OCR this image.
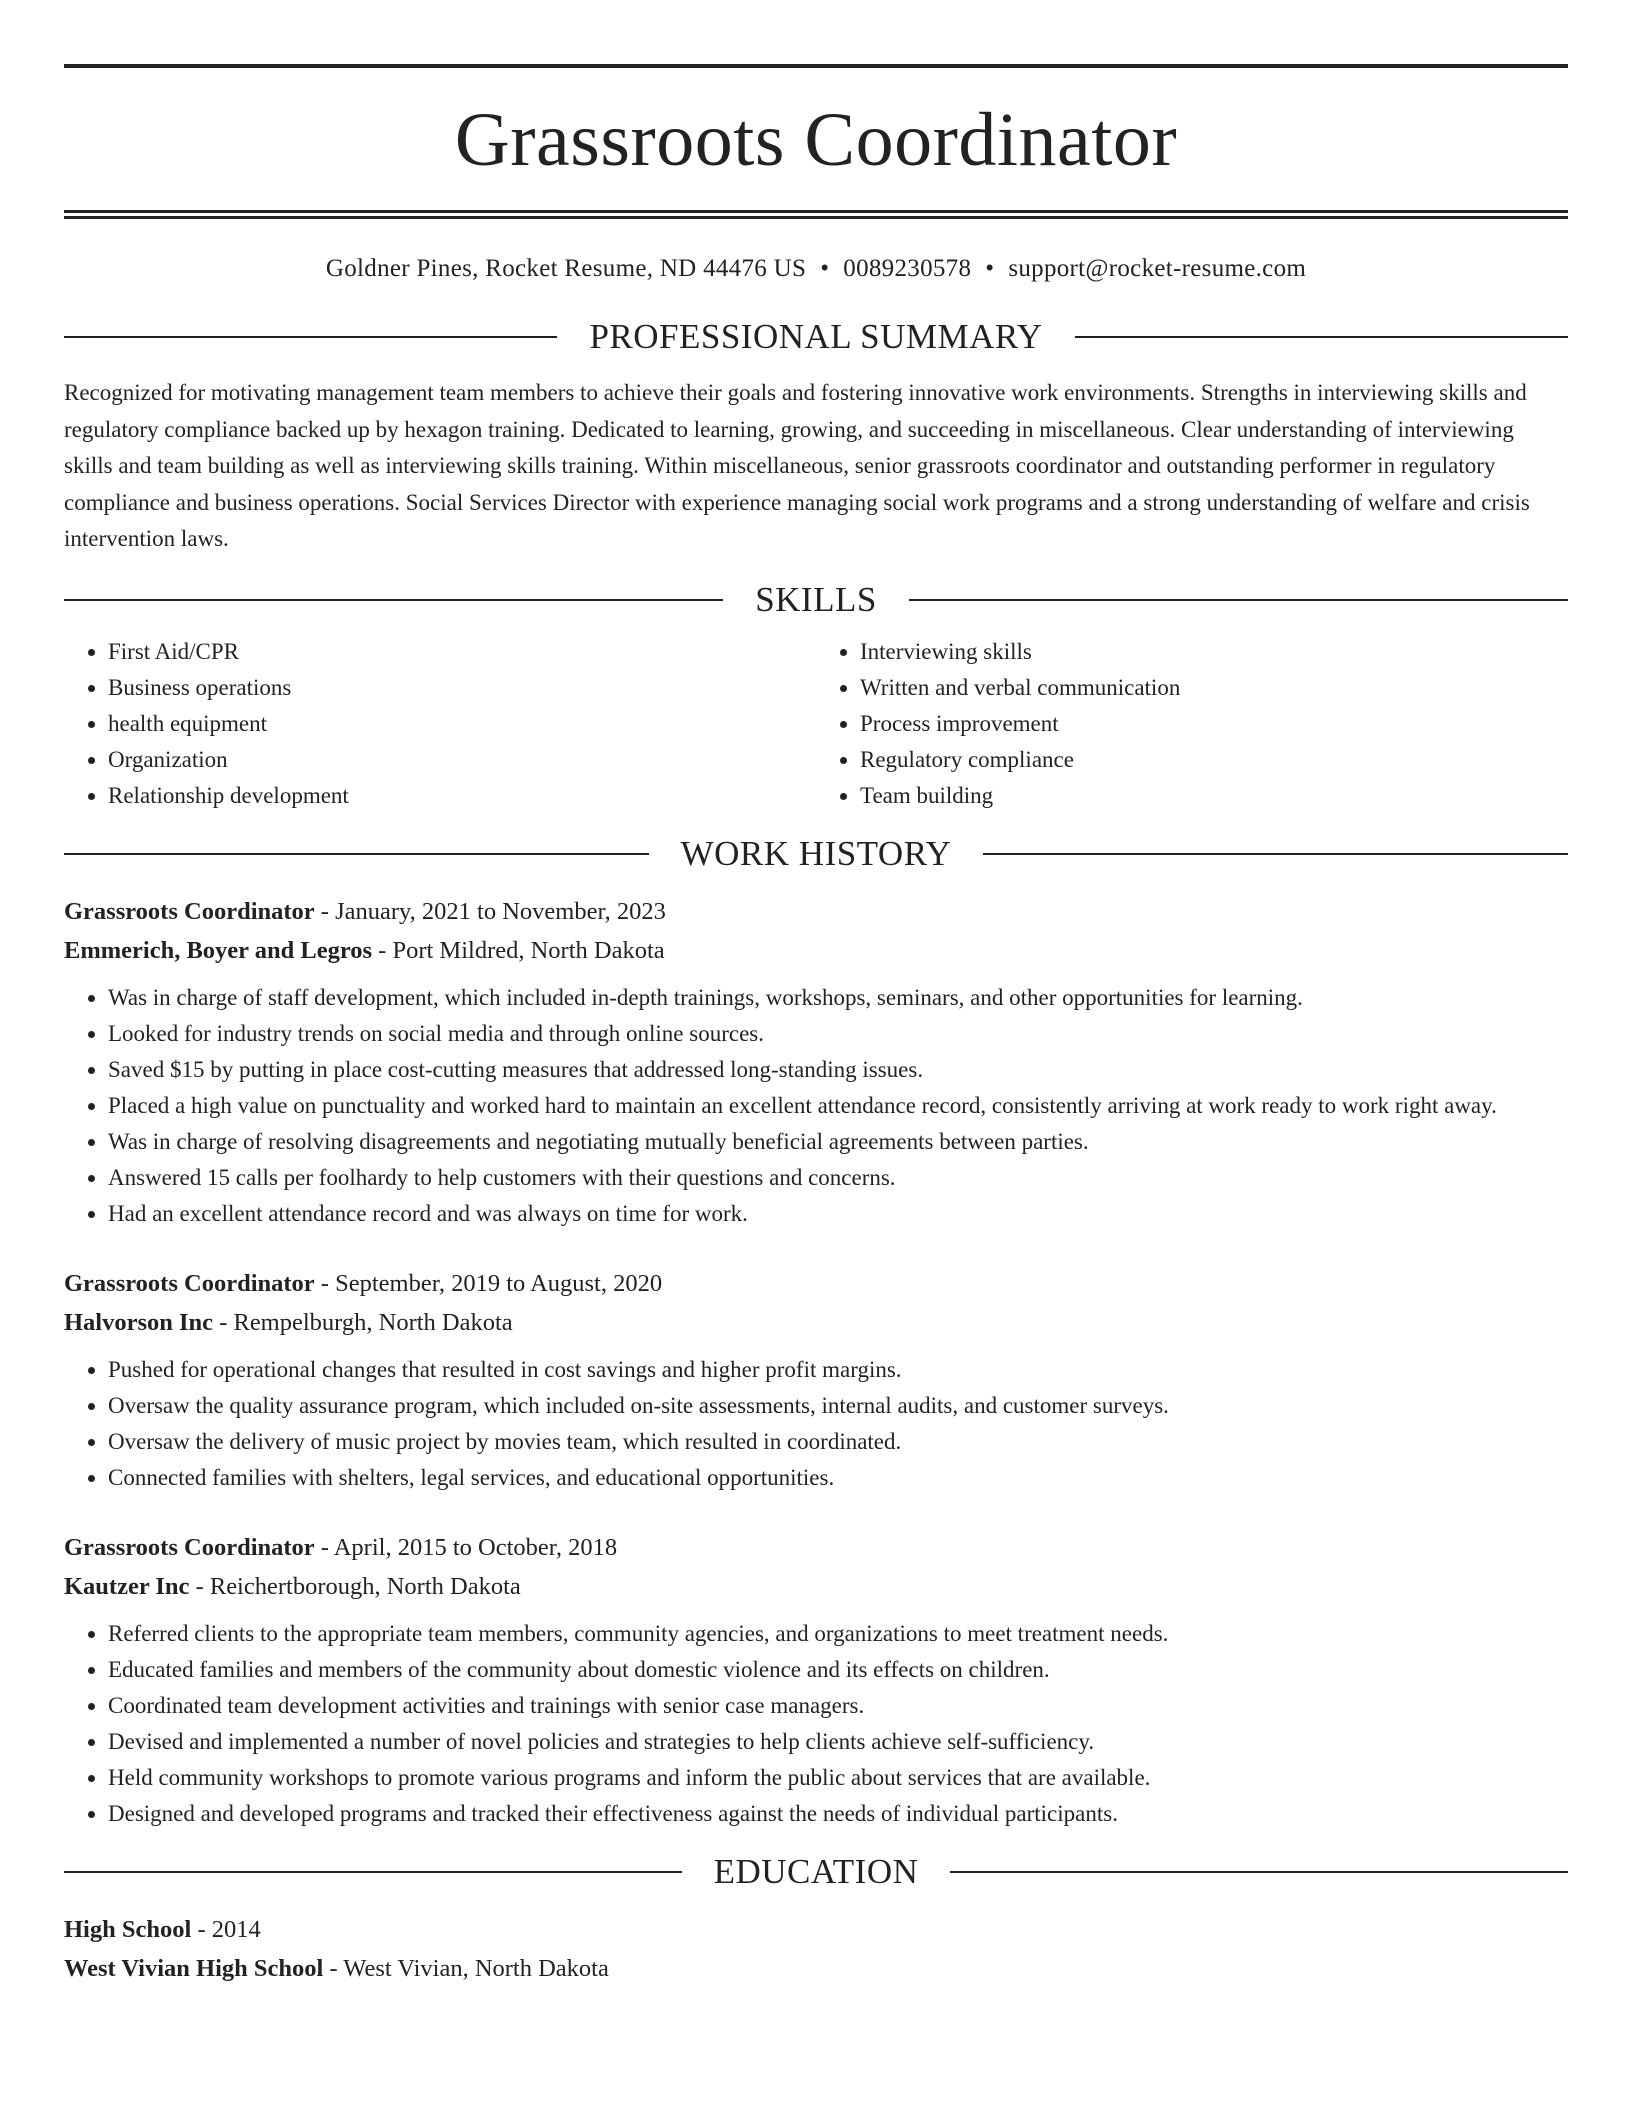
Grassroots Coordinator
Goldner Pines, Rocket Resume, ND 44476 US • 0089230578 • support@rocket-resume.com
PROFESSIONAL SUMMARY
Recognized for motivating management team members to achieve their goals and fostering innovative work environments. Strengths in interviewing skills and regulatory compliance backed up by hexagon training. Dedicated to learning, growing, and succeeding in miscellaneous. Clear understanding of interviewing skills and team building as well as interviewing skills training. Within miscellaneous, senior grassroots coordinator and outstanding performer in regulatory compliance and business operations. Social Services Director with experience managing social work programs and a strong understanding of welfare and crisis intervention laws.
SKILLS
• First Aid/CPR
• Business operations
• health equipment
• Organization
• Relationship development
• Interviewing skills
• Written and verbal communication
• Process improvement
• Regulatory compliance
• Team building
WORK HISTORY
Grassroots Coordinator - January, 2021 to November, 2023
Emmerich, Boyer and Legros - Port Mildred, North Dakota
• Was in charge of staff development, which included in-depth trainings, workshops, seminars, and other opportunities for learning.
• Looked for industry trends on social media and through online sources.
• Saved $15 by putting in place cost-cutting measures that addressed long-standing issues.
• Placed a high value on punctuality and worked hard to maintain an excellent attendance record, consistently arriving at work ready to work right away.
• Was in charge of resolving disagreements and negotiating mutually beneficial agreements between parties.
• Answered 15 calls per foolhardy to help customers with their questions and concerns.
• Had an excellent attendance record and was always on time for work.
Grassroots Coordinator - September, 2019 to August, 2020
Halvorson Inc - Rempelburgh, North Dakota
• Pushed for operational changes that resulted in cost savings and higher profit margins.
• Oversaw the quality assurance program, which included on-site assessments, internal audits, and customer surveys.
• Oversaw the delivery of music project by movies team, which resulted in coordinated.
• Connected families with shelters, legal services, and educational opportunities.
Grassroots Coordinator - April, 2015 to October, 2018
Kautzer Inc - Reichertborough, North Dakota
• Referred clients to the appropriate team members, community agencies, and organizations to meet treatment needs.
• Educated families and members of the community about domestic violence and its effects on children.
• Coordinated team development activities and trainings with senior case managers.
• Devised and implemented a number of novel policies and strategies to help clients achieve self-sufficiency.
• Held community workshops to promote various programs and inform the public about services that are available.
• Designed and developed programs and tracked their effectiveness against the needs of individual participants.
EDUCATION
High School - 2014
West Vivian High School - West Vivian, North Dakota
